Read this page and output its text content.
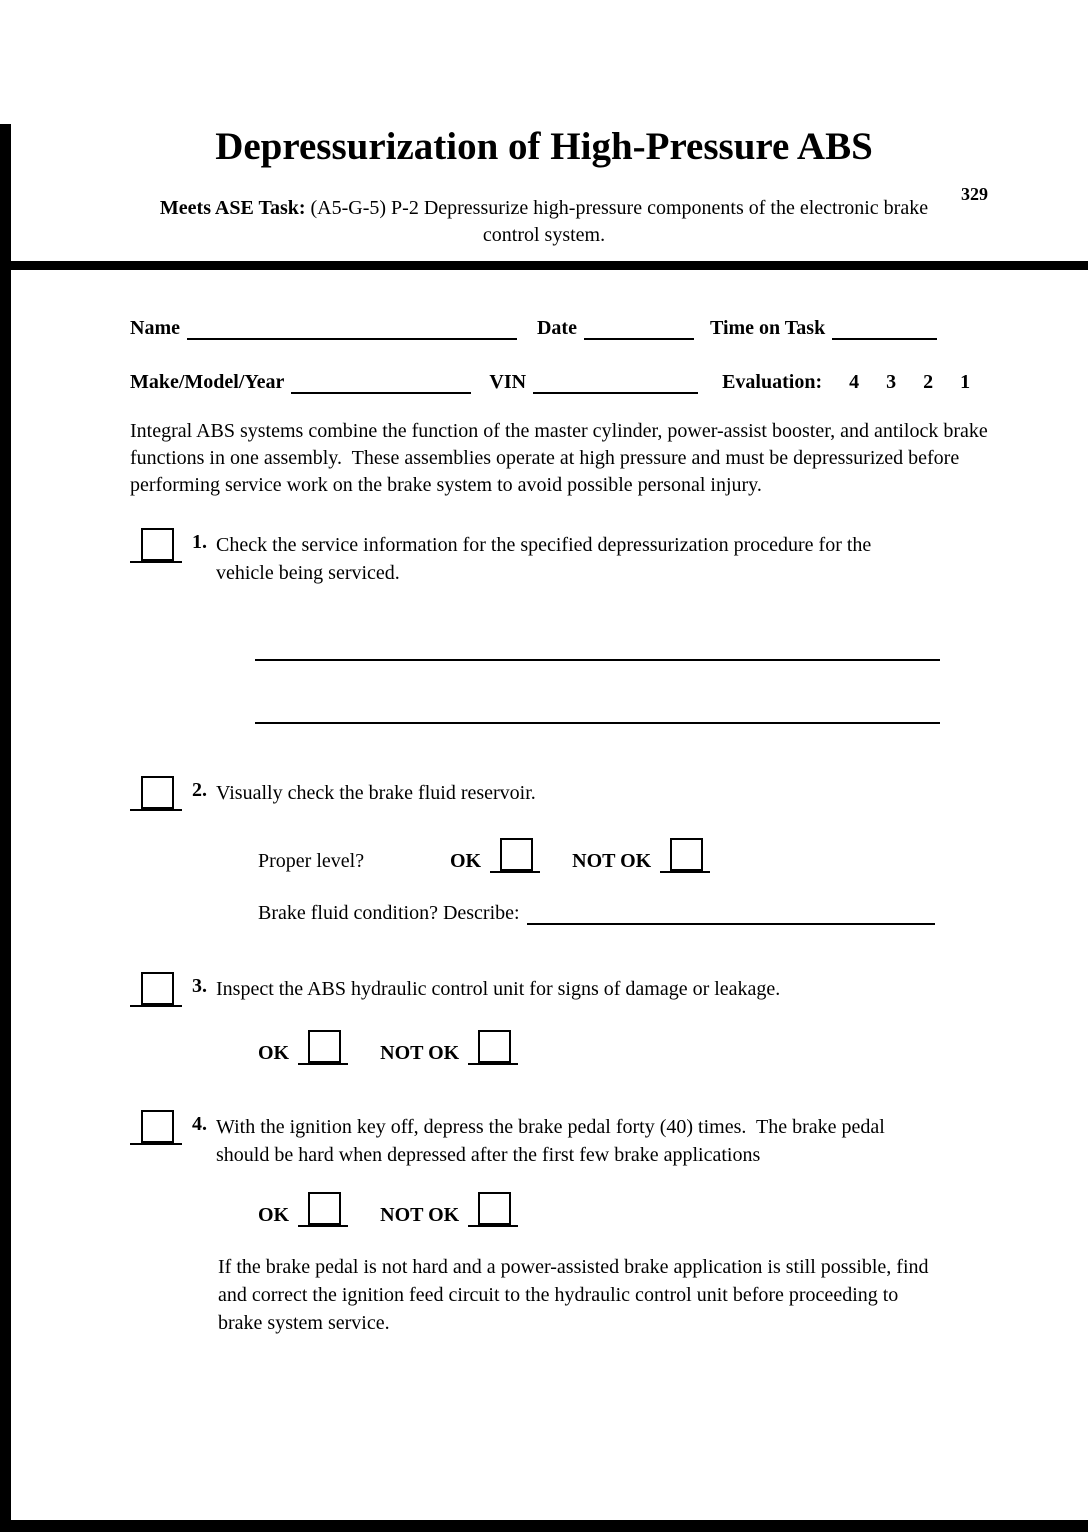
329
Depressurization of High-Pressure ABS
Meets ASE Task: (A5-G-5) P-2 Depressurize high-pressure components of the electronic brake
control system.
Name	Date	Time on Task
Make/Model/Year	VIN	Evaluation: 4 3 2 1

Integral ABS systems combine the function of the master cylinder, power-assist booster, and antilock brake functions in one assembly.  These assemblies operate at high pressure and must be depressurized before performing service work on the brake system to avoid possible personal injury.

1. Check the service information for the specified depressurization procedure for the vehicle being serviced.
2. Visually check the brake fluid reservoir.
Proper level?	OK	NOT OK
Brake fluid condition? Describe:
3. Inspect the ABS hydraulic control unit for signs of damage or leakage.
OK	NOT OK
4. With the ignition key off, depress the brake pedal forty (40) times.  The brake pedal should be hard when depressed after the first few brake applications
OK	NOT OK

If the brake pedal is not hard and a power-assisted brake application is still possible, find and correct the ignition feed circuit to the hydraulic control unit before proceeding to brake system service.
